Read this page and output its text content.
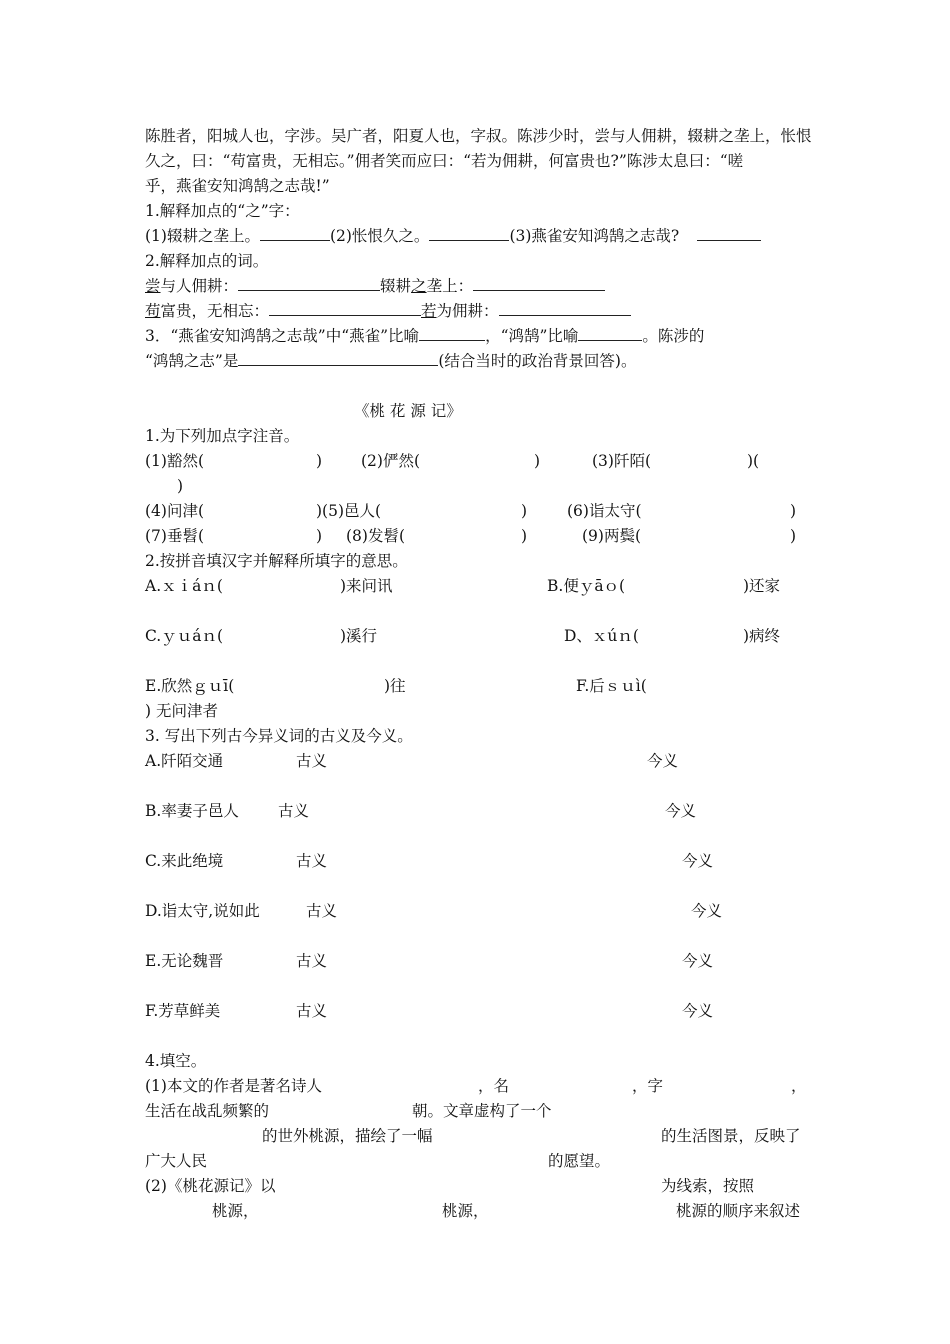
陈胜者，阳城人也，字涉。吴广者，阳夏人也，字叔。陈涉少时，尝与人佣耕，辍耕之垄上，怅恨
久之，曰：“苟富贵，无相忘。”佣者笑而应曰：“若为佣耕，何富贵也?”陈涉太息曰：“嗟
乎，燕雀安知鸿鹄之志哉!”
1.解释加点的“之”字：
(1)辍耕之垄上。	(2)怅恨久之。	(3)燕雀安知鸿鹄之志哉?
2.解释加点的词。
尝与人佣耕：	辍耕之垄上：
苟富贵，无相忘：	若为佣耕：
3．“燕雀安知鸿鹄之志哉”中“燕雀”比喻	，“鸿鹄”比喻	。陈涉的
“鸿鹄之志”是	(结合当时的政治背景回答)。
《桃 花 源 记》
1.为下列加点字注音。
(1)豁然(	)	(2)俨然(	)	(3)阡陌(	)(
)
(4)问津(	)(5)邑人(	)	(6)诣太守(	)
(7)垂髫(	) (8)发髫(	)	(9)两鬓(	)
2.按拼音填汉字并解释所填字的意思。
A.ｘｉáｎ(	)来问讯	B.便ｙāｏ(	)还家
C.ｙｕáｎ(	)溪行	D、ｘúｎ(	)病终
E.欣然ｇｕī(	)往	F.后ｓｕì(
) 无问津者
3. 写出下列古今异义词的古义及今义。
A.阡陌交通	古义	今义
B.率妻子邑人	古义	今义
C.来此绝境	古义	今义
D.诣太守,说如此	古义	今义
E.无论魏晋	古义	今义
F.芳草鲜美	古义	今义
4.填空。
(1)本文的作者是著名诗人	，名	，字	，
生活在战乱频繁的	朝。文章虚构了一个
的世外桃源，描绘了一幅	的生活图景，反映了
广大人民	的愿望。
(2)《桃花源记》以	为线索，按照
桃源，	桃源，	桃源的顺序来叙述
